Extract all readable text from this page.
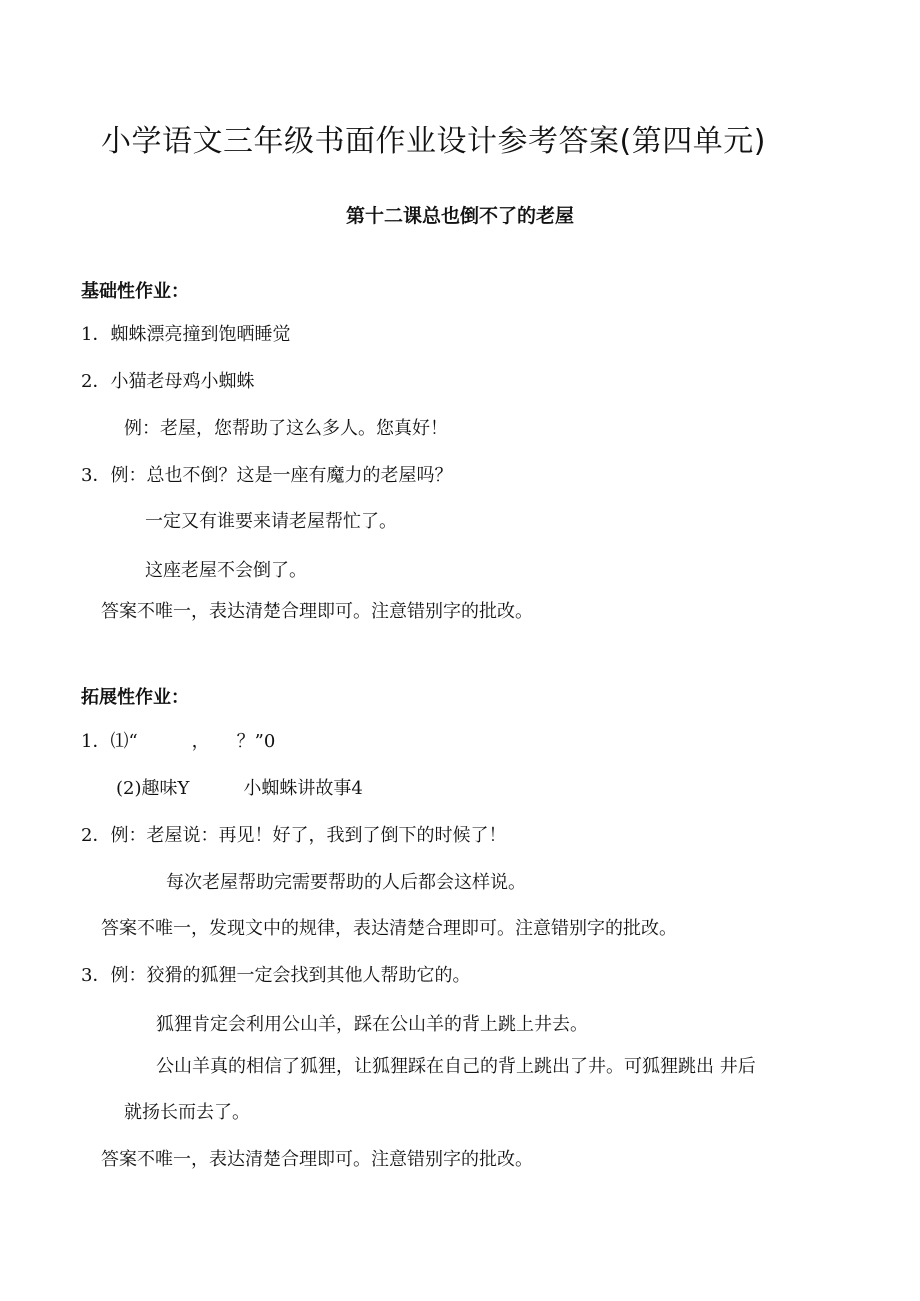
小学语文三年级书面作业设计参考答案(第四单元)
第十二课总也倒不了的老屋
基础性作业：
1．蜘蛛漂亮撞到饱晒睡觉
2．小猫老母鸡小蜘蛛
例：老屋，您帮助了这么多人。您真好！
3．例：总也不倒？这是一座有魔力的老屋吗？
一定又有谁要来请老屋帮忙了。
这座老屋不会倒了。
答案不唯一，表达清楚合理即可。注意错别字的批改。
拓展性作业：
1．⑴“　　　，　　？”0
(2)趣味Y　　　小蜘蛛讲故事4
2．例：老屋说：再见！好了，我到了倒下的时候了！
每次老屋帮助完需要帮助的人后都会这样说。
答案不唯一，发现文中的规律，表达清楚合理即可。注意错别字的批改。
3．例：狡猾的狐狸一定会找到其他人帮助它的。
狐狸肯定会利用公山羊，踩在公山羊的背上跳上井去。
公山羊真的相信了狐狸，让狐狸踩在自己的背上跳出了井。可狐狸跳出 井后
就扬长而去了。
答案不唯一，表达清楚合理即可。注意错别字的批改。
